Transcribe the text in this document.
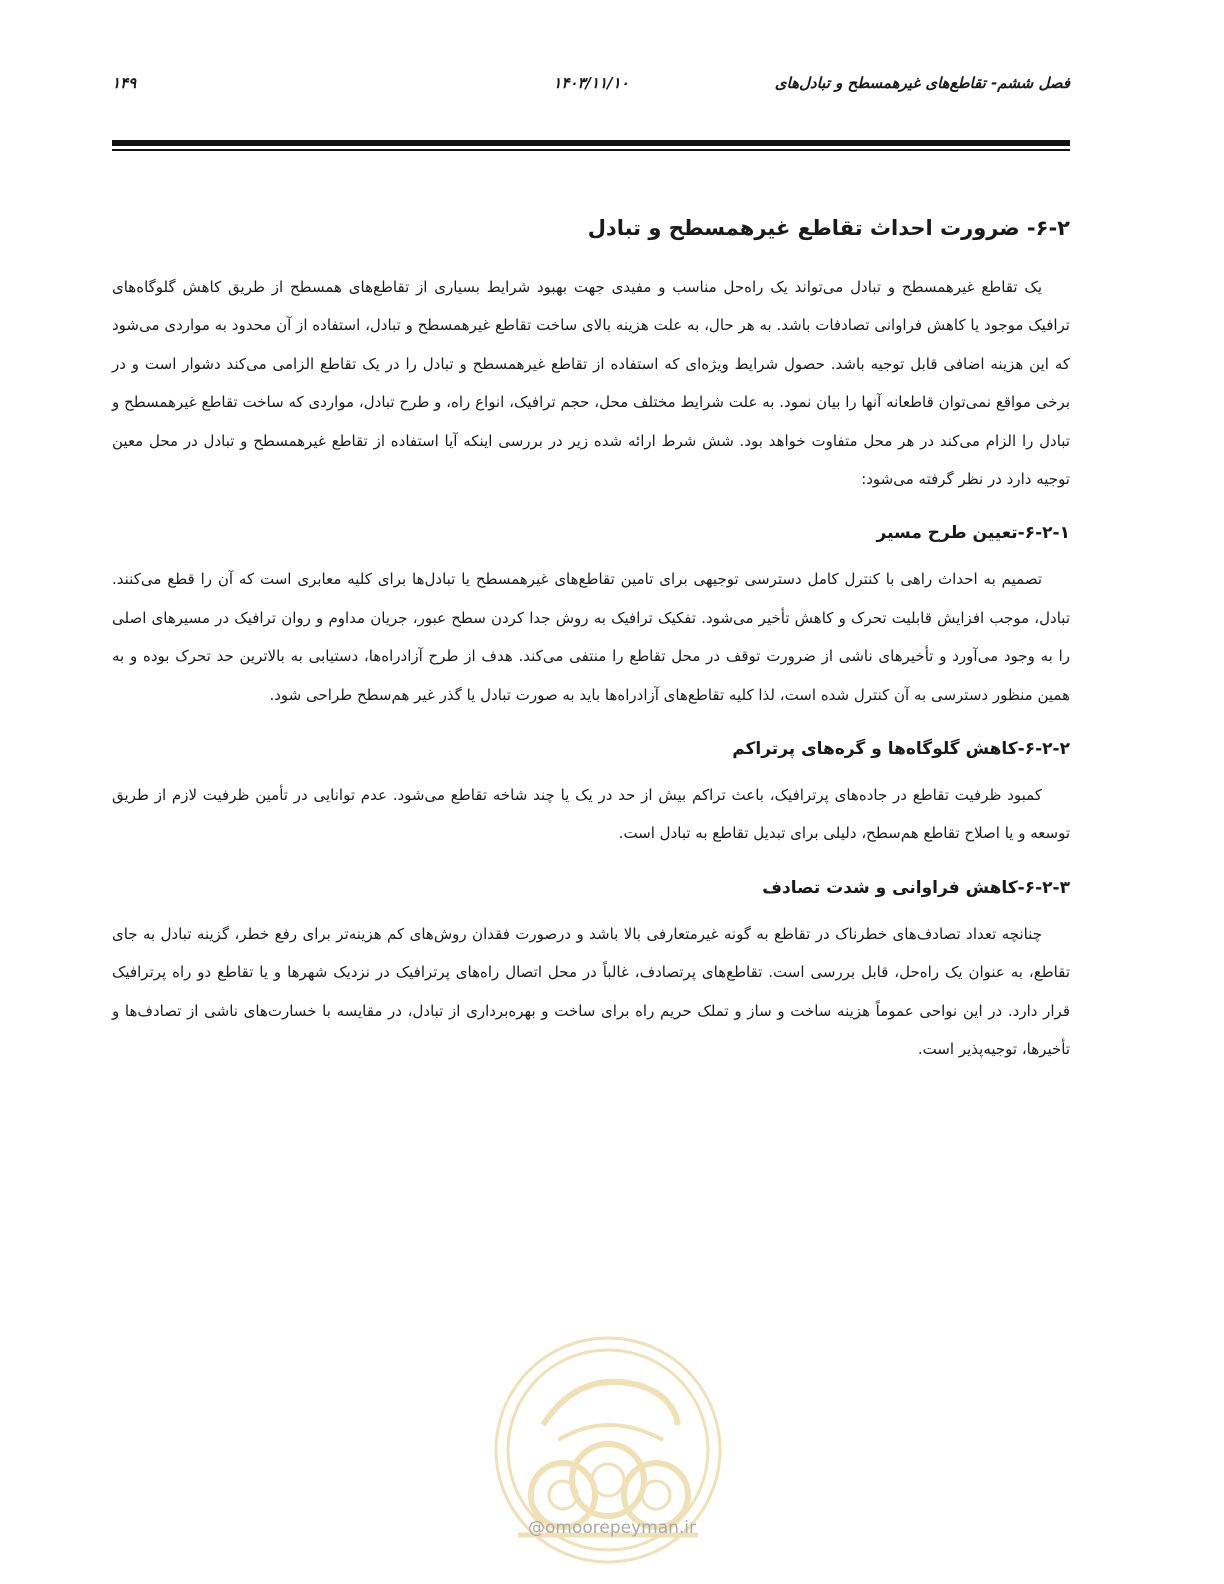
فصل ششم- تقاطع‌های غیرهمسطح و تبادل‌های
۱۴۰۳/۱۱/۱۰
۱۴۹
۶-۲- ضرورت احداث تقاطع غیرهمسطح و تبادل

یک تقاطع غیرهمسطح و تبادل می‌تواند یک راه‌حل مناسب و مفیدی جهت بهبود شرایط بسیاری از تقاطع‌های همسطح از طریق کاهش گلوگاه‌های ترافیک موجود یا کاهش فراوانی تصادفات باشد. به هر حال، به علت هزینه بالای ساخت تقاطع غیرهمسطح و تبادل، استفاده از آن محدود به مواردی می‌شود که این هزینه اضافی قابل توجیه باشد. حصول شرایط ویژه‌ای که استفاده از تقاطع غیرهمسطح و تبادل را در یک تقاطع الزامی می‌کند دشوار است و در برخی مواقع نمی‌توان قاطعانه آنها را بیان نمود. به علت شرایط مختلف محل، حجم ترافیک، انواع راه، و طرح تبادل، مواردی که ساخت تقاطع غیرهمسطح و تبادل را الزام می‌کند در هر محل متفاوت خواهد بود. شش شرط ارائه شده زیر در بررسی اینکه آیا استفاده از تقاطع غیرهمسطح و تبادل در محل معین توجیه دارد در نظر گرفته می‌شود:

۶-۲-۱-تعیین طرح مسیر

تصمیم به احداث راهی با کنترل کامل دسترسی توجیهی برای تامین تقاطع‌های غیرهمسطح یا تبادل‌ها برای کلیه معابری است که آن را قطع می‌کنند. تبادل، موجب افزایش قابلیت تحرک و کاهش تأخیر می‌شود. تفکیک ترافیک به روش جدا کردن سطح عبور، جریان مداوم و روان ترافیک در مسیرهای اصلی را به وجود می‌آورد و تأخیرهای ناشی از ضرورت توقف در محل تقاطع را منتفی می‌کند. هدف از طرح آزادراه‌ها، دستیابی به بالاترین حد تحرک بوده و به همین منظور دسترسی به آن کنترل شده است، لذا کلیه تقاطع‌های آزادراه‌ها باید به صورت تبادل یا گذر غیر هم‌سطح طراحی شود.

۶-۲-۲-کاهش گلوگاه‌ها و گره‌های پرتراکم

کمبود ظرفیت تقاطع در جاده‌های پرترافیک، باعث تراکم بیش از حد در یک یا چند شاخه تقاطع می‌شود. عدم توانایی در تأمین ظرفیت لازم از طریق توسعه و یا اصلاح تقاطع هم‌سطح، دلیلی برای تبدیل تقاطع به تبادل است.

۶-۲-۳-کاهش فراوانی و شدت تصادف

چنانچه تعداد تصادف‌های خطرناک در تقاطع به گونه غیرمتعارفی بالا باشد و درصورت فقدان روش‌های کم هزینه‌تر برای رفع خطر، گزینه تبادل به جای تقاطع، به عنوان یک راه‌حل، قابل بررسی است. تقاطع‌های پرتصادف، غالباً در محل اتصال راه‌های پرترافیک در نزدیک شهرها و یا تقاطع دو راه پرترافیک قرار دارد. در این نواحی عموماً هزینه ساخت و ساز و تملک حریم راه برای ساخت و بهره‌برداری از تبادل، در مقایسه با خسارت‌های ناشی از تصادف‌ها و تأخیرها، توجیه‌پذیر است.

@omoorepeyman.ir
